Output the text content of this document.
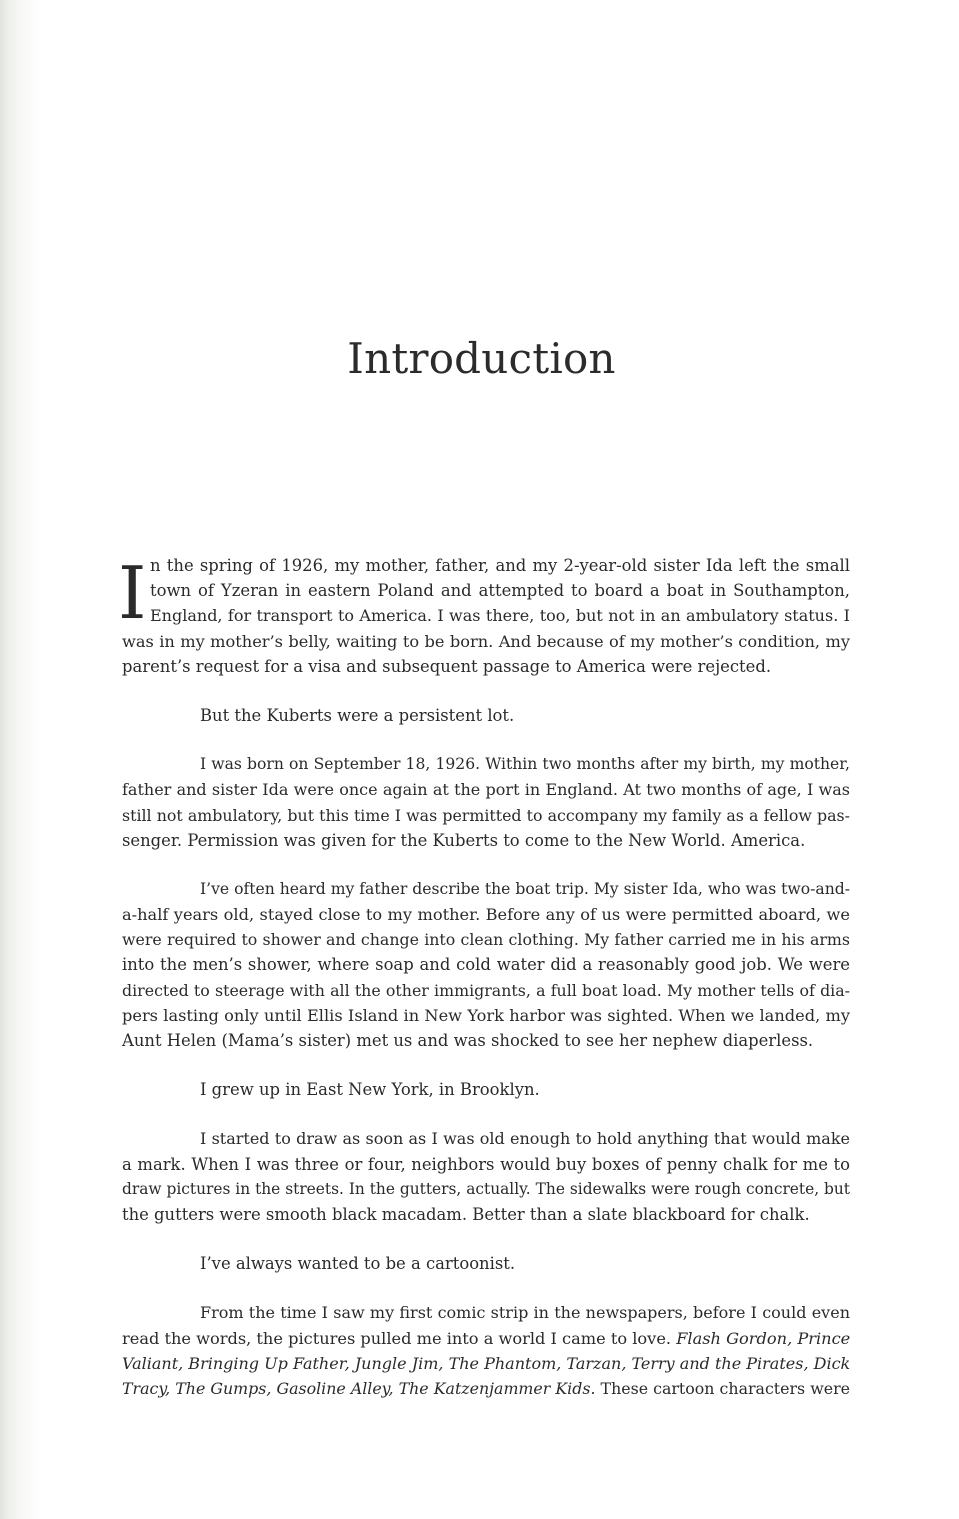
Introduction
I n the spring of 1926, my mother, father, and my 2-year-old sister Ida left the small
town of Yzeran in eastern Poland and attempted to board a boat in Southampton,
England, for transport to America. I was there, too, but not in an ambulatory status. I
was in my mother’s belly, waiting to be born. And because of my mother’s condition, my
parent’s request for a visa and subsequent passage to America were rejected.
But the Kuberts were a persistent lot.
I was born on September 18, 1926. Within two months after my birth, my mother,
father and sister Ida were once again at the port in England. At two months of age, I was
still not ambulatory, but this time I was permitted to accompany my family as a fellow pas-
senger. Permission was given for the Kuberts to come to the New World. America.
I’ve often heard my father describe the boat trip. My sister Ida, who was two-and-
a-half years old, stayed close to my mother. Before any of us were permitted aboard, we
were required to shower and change into clean clothing. My father carried me in his arms
into the men’s shower, where soap and cold water did a reasonably good job. We were
directed to steerage with all the other immigrants, a full boat load. My mother tells of dia-
pers lasting only until Ellis Island in New York harbor was sighted. When we landed, my
Aunt Helen (Mama’s sister) met us and was shocked to see her nephew diaperless.
I grew up in East New York, in Brooklyn.
I started to draw as soon as I was old enough to hold anything that would make
a mark. When I was three or four, neighbors would buy boxes of penny chalk for me to
draw pictures in the streets. In the gutters, actually. The sidewalks were rough concrete, but
the gutters were smooth black macadam. Better than a slate blackboard for chalk.
I’ve always wanted to be a cartoonist.
From the time I saw my first comic strip in the newspapers, before I could even
read the words, the pictures pulled me into a world I came to love. Flash Gordon, Prince
Valiant, Bringing Up Father, Jungle Jim, The Phantom, Tarzan, Terry and the Pirates, Dick
Tracy, The Gumps, Gasoline Alley, The Katzenjammer Kids. These cartoon characters were
